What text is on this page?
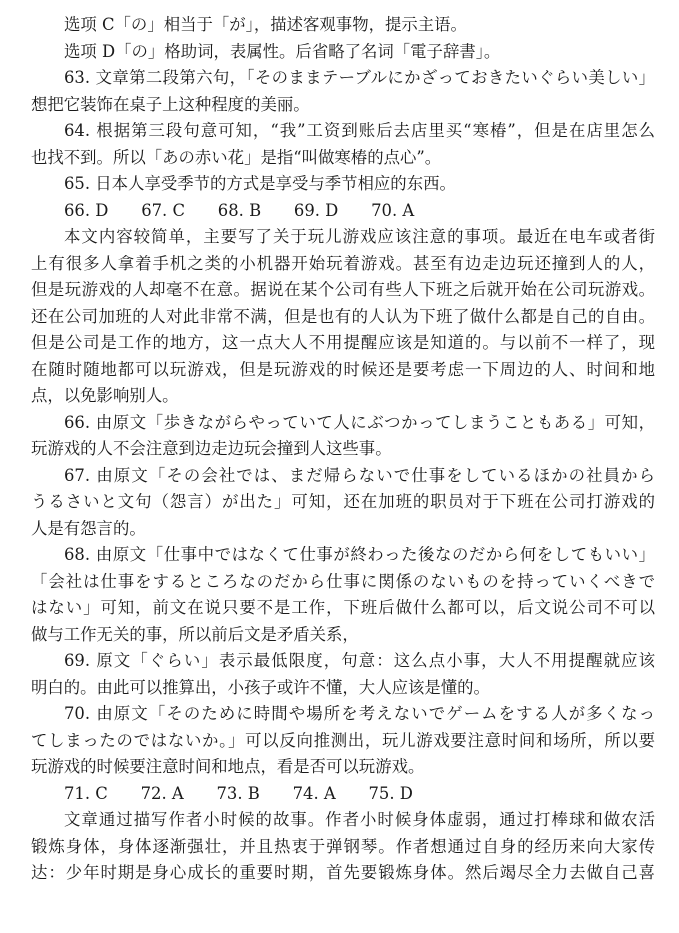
选项 C「の」相当于「が」，描述客观事物，提示主语。
选项 D「の」格助词，表属性。后省略了名词「電子辞書」。
63. 文章第二段第六句，「そのままテーブルにかざっておきたいぐらい美しい」
想把它装饰在桌子上这种程度的美丽。
64. 根据第三段句意可知，“我”工资到账后去店里买“寒椿”，但是在店里怎么
也找不到。所以「あの赤い花」是指“叫做寒椿的点心”。
65. 日本人享受季节的方式是享受与季节相应的东西。
66. D　　67. C　　68. B　　69. D　　70. A
本文内容较简单，主要写了关于玩儿游戏应该注意的事项。最近在电车或者街
上有很多人拿着手机之类的小机器开始玩着游戏。甚至有边走边玩还撞到人的人，
但是玩游戏的人却毫不在意。据说在某个公司有些人下班之后就开始在公司玩游戏。
还在公司加班的人对此非常不满，但是也有的人认为下班了做什么都是自己的自由。
但是公司是工作的地方，这一点大人不用提醒应该是知道的。与以前不一样了，现
在随时随地都可以玩游戏，但是玩游戏的时候还是要考虑一下周边的人、时间和地
点，以免影响别人。
66. 由原文「歩きながらやっていて人にぶつかってしまうこともある」可知，
玩游戏的人不会注意到边走边玩会撞到人这些事。
67. 由原文「その会社では、まだ帰らないで仕事をしているほかの社員から
うるさいと文句（怨言）が出た」可知，还在加班的职员对于下班在公司打游戏的
人是有怨言的。
68. 由原文「仕事中ではなくて仕事が終わった後なのだから何をしてもいい」
「会社は仕事をするところなのだから仕事に関係のないものを持っていくべきで
はない」可知，前文在说只要不是工作，下班后做什么都可以，后文说公司不可以
做与工作无关的事，所以前后文是矛盾关系，
69. 原文「ぐらい」表示最低限度，句意：这么点小事，大人不用提醒就应该
明白的。由此可以推算出，小孩子或许不懂，大人应该是懂的。
70. 由原文「そのために時間や場所を考えないでゲームをする人が多くなっ
てしまったのではないか。」可以反向推测出，玩儿游戏要注意时间和场所，所以要
玩游戏的时候要注意时间和地点，看是否可以玩游戏。
71. C　　72. A　　73. B　　74. A　　75. D
文章通过描写作者小时候的故事。作者小时候身体虚弱，通过打棒球和做农活
锻炼身体，身体逐渐强壮，并且热衷于弹钢琴。作者想通过自身的经历来向大家传
达：少年时期是身心成长的重要时期，首先要锻炼身体。然后竭尽全力去做自己喜
